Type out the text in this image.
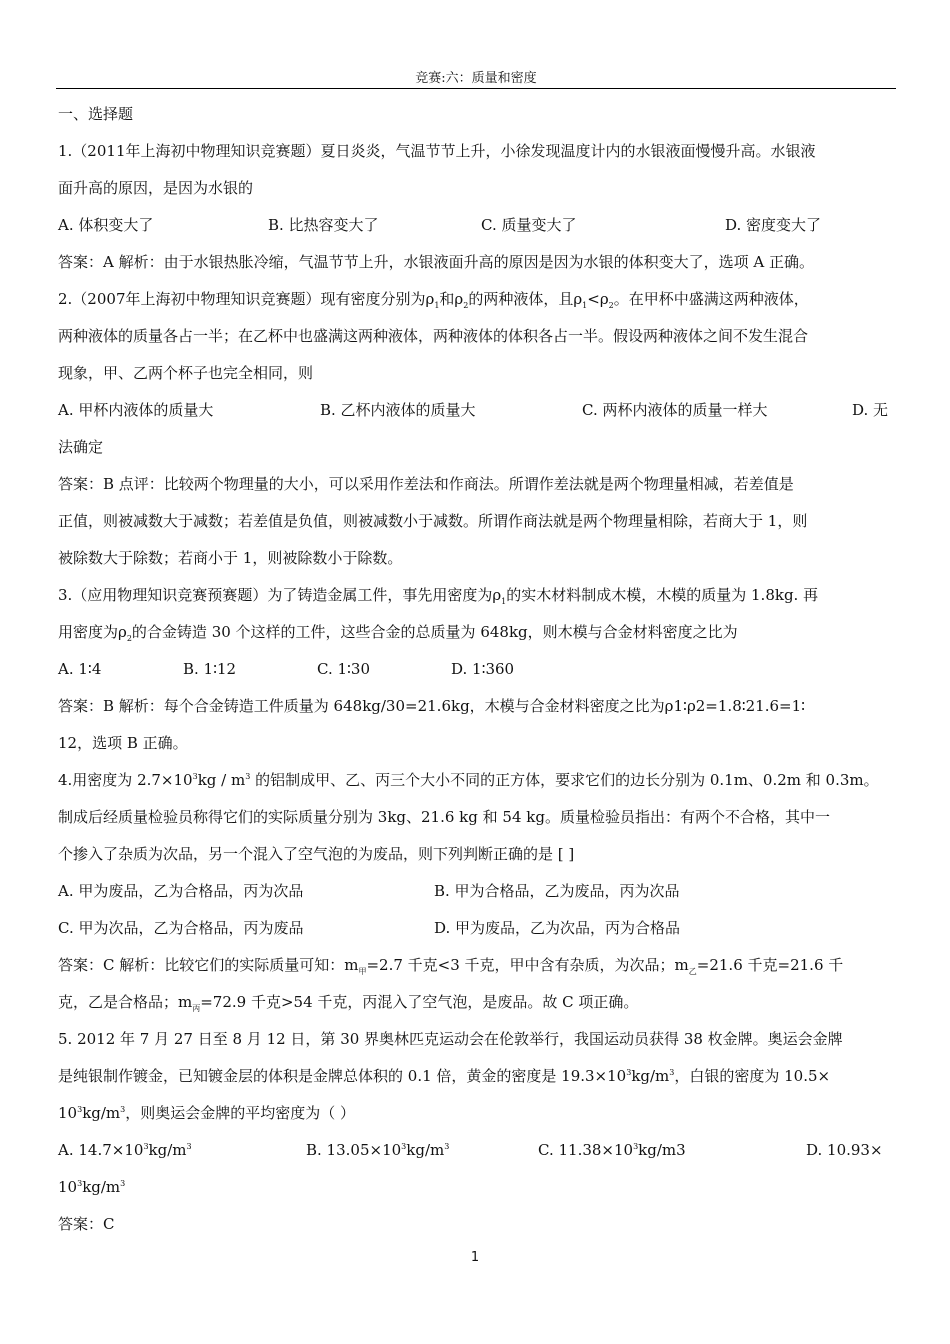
竞赛:六：质量和密度
一、选择题
1.（2011年上海初中物理知识竞赛题）夏日炎炎，气温节节上升，小徐发现温度计内的水银液面慢慢升高。水银液
面升高的原因，是因为水银的
A. 体积变大了	B. 比热容变大了	C. 质量变大了	D. 密度变大了
答案：A 解析：由于水银热胀冷缩，气温节节上升，水银液面升高的原因是因为水银的体积变大了，选项 A 正确。
2.（2007年上海初中物理知识竞赛题）现有密度分别为$\rho_1$和$\rho_2$的两种液体，且$\rho_1<\rho_2$。在甲杯中盛满这两种液体，
两种液体的质量各占一半；在乙杯中也盛满这两种液体，两种液体的体积各占一半。假设两种液体之间不发生混合
现象，甲、乙两个杯子也完全相同，则
A. 甲杯内液体的质量大	B. 乙杯内液体的质量大	C. 两杯内液体的质量一样大	D. 无
法确定
答案：B 点评：比较两个物理量的大小，可以采用作差法和作商法。所谓作差法就是两个物理量相减，若差值是
正值，则被减数大于减数；若差值是负值，则被减数小于减数。所谓作商法就是两个物理量相除，若商大于 1，则
被除数大于除数；若商小于 1，则被除数小于除数。
3.（应用物理知识竞赛预赛题）为了铸造金属工件，事先用密度为$\rho_1$的实木材料制成木模，木模的质量为 1.8kg. 再
用密度为$\rho_2$的合金铸造 30 个这样的工件，这些合金的总质量为 648kg，则木模与合金材料密度之比为
A. 1∶4	B. 1∶12	C. 1∶30	D. 1∶360
答案：B 解析：每个合金铸造工件质量为 648kg/30=21.6kg，木模与合金材料密度之比为ρ1∶ρ2=1.8∶21.6=1∶
12，选项 B 正确。
4.用密度为 $2.7\times 10^3kg / m^3$ 的铝制成甲、乙、丙三个大小不同的正方体，要求它们的边长分别为 0.1m、0.2m 和 0.3m。
制成后经质量检验员称得它们的实际质量分别为 3kg、21.6 kg 和 54 kg。质量检验员指出：有两个不合格，其中一
个掺入了杂质为次品，另一个混入了空气泡的为废品，则下列判断正确的是 [ ]
A. 甲为废品，乙为合格品，丙为次品	B. 甲为合格品，乙为废品，丙为次品
C. 甲为次品，乙为合格品，丙为废品	D. 甲为废品，乙为次品，丙为合格品
答案：C 解析：比较它们的实际质量可知：$m_甲=2.7$ 千克<3 千克，甲中含有杂质，为次品；$m_乙=21.6$ 千克=21.6 千
克，乙是合格品；$m_丙=72.9$ 千克>54 千克，丙混入了空气泡，是废品。故 C 项正确。
5. 2012 年 7 月 27 日至 8 月 12 日，第 30 界奥林匹克运动会在伦敦举行，我国运动员获得 38 枚金牌。奥运会金牌
是纯银制作镀金，已知镀金层的体积是金牌总体积的 0.1 倍，黄金的密度是 $19.3\times 10^3kg/m^3$，白银的密度为 10.5×
$10^3kg/m^3$，则奥运会金牌的平均密度为（ ）
A. $14.7\times 10^3kg/m^3$	B. $13.05\times 10^3kg/m^3$	C. $11.38\times 10^3kg/m3$	D. 10.93×
$10^3kg/m^3$
答案：C
1
